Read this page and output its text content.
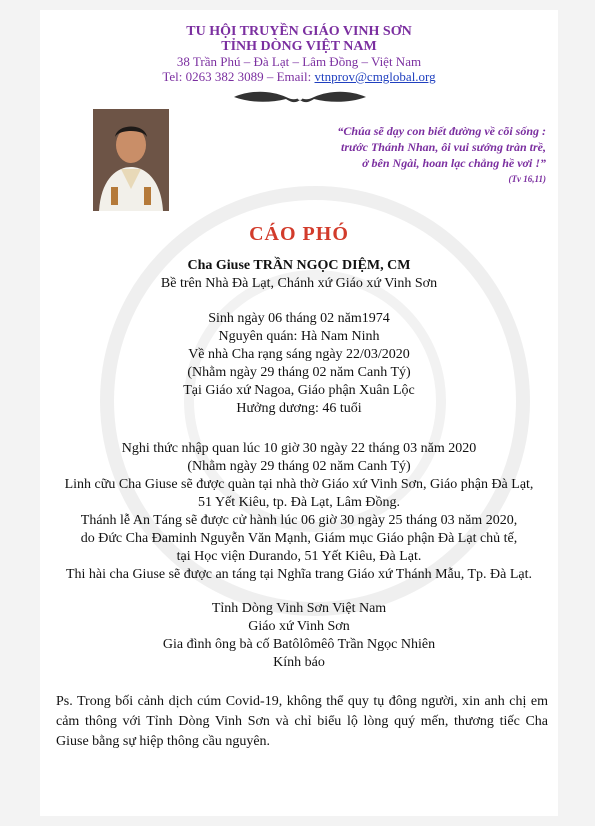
TU HỘI TRUYỀN GIÁO VINH SƠN
TỈNH DÒNG VIỆT NAM
38 Trần Phú – Đà Lạt – Lâm Đồng – Việt Nam
Tel: 0263 382 3089 – Email: vtnprov@cmglobal.org
“Chúa sẽ dạy con biết đường về cõi sống :
trước Thánh Nhan, ôi vui sướng tràn trề,
ở bên Ngài, hoan lạc chẳng hề vơi !”
(Tv 16,11)
CÁO PHÓ
Cha Giuse TRẦN NGỌC DIỆM, CM
Bề trên Nhà Đà Lạt, Chánh xứ Giáo xứ Vinh Sơn
Sinh ngày 06 tháng 02 năm1974
Nguyên quán: Hà Nam Ninh
Về nhà Cha rạng sáng ngày 22/03/2020
(Nhằm ngày 29 tháng 02 năm Canh Tý)
Tại Giáo xứ Nagoa, Giáo phận Xuân Lộc
Hưởng dương: 46 tuổi
Nghi thức nhập quan lúc 10 giờ 30 ngày 22 tháng 03 năm 2020
(Nhằm ngày 29 tháng 02 năm Canh Tý)
Linh cữu Cha Giuse sẽ được quàn tại nhà thờ Giáo xứ Vinh Sơn, Giáo phận Đà Lạt,
51 Yết Kiêu, tp. Đà Lạt, Lâm Đồng.
Thánh lễ An Táng sẽ được cử hành lúc 06 giờ 30 ngày 25 tháng 03 năm 2020,
do Đức Cha Đaminh Nguyễn Văn Mạnh, Giám mục Giáo phận Đà Lạt chủ tế,
tại Học viện Durando, 51 Yết Kiêu, Đà Lạt.
Thi hài cha Giuse sẽ được an táng tại Nghĩa trang Giáo xứ Thánh Mẫu, Tp. Đà Lạt.
Tỉnh Dòng Vinh Sơn Việt Nam
Giáo xứ Vinh Sơn
Gia đình ông bà cố Batôlômêô Trần Ngọc Nhiên
Kính báo
Ps. Trong bối cảnh dịch cúm Covid-19, không thể quy tụ đông người, xin anh chị em cảm thông với Tỉnh Dòng Vinh Sơn và chỉ biểu lộ lòng quý mến, thương tiếc Cha Giuse bằng sự hiệp thông cầu nguyên.
